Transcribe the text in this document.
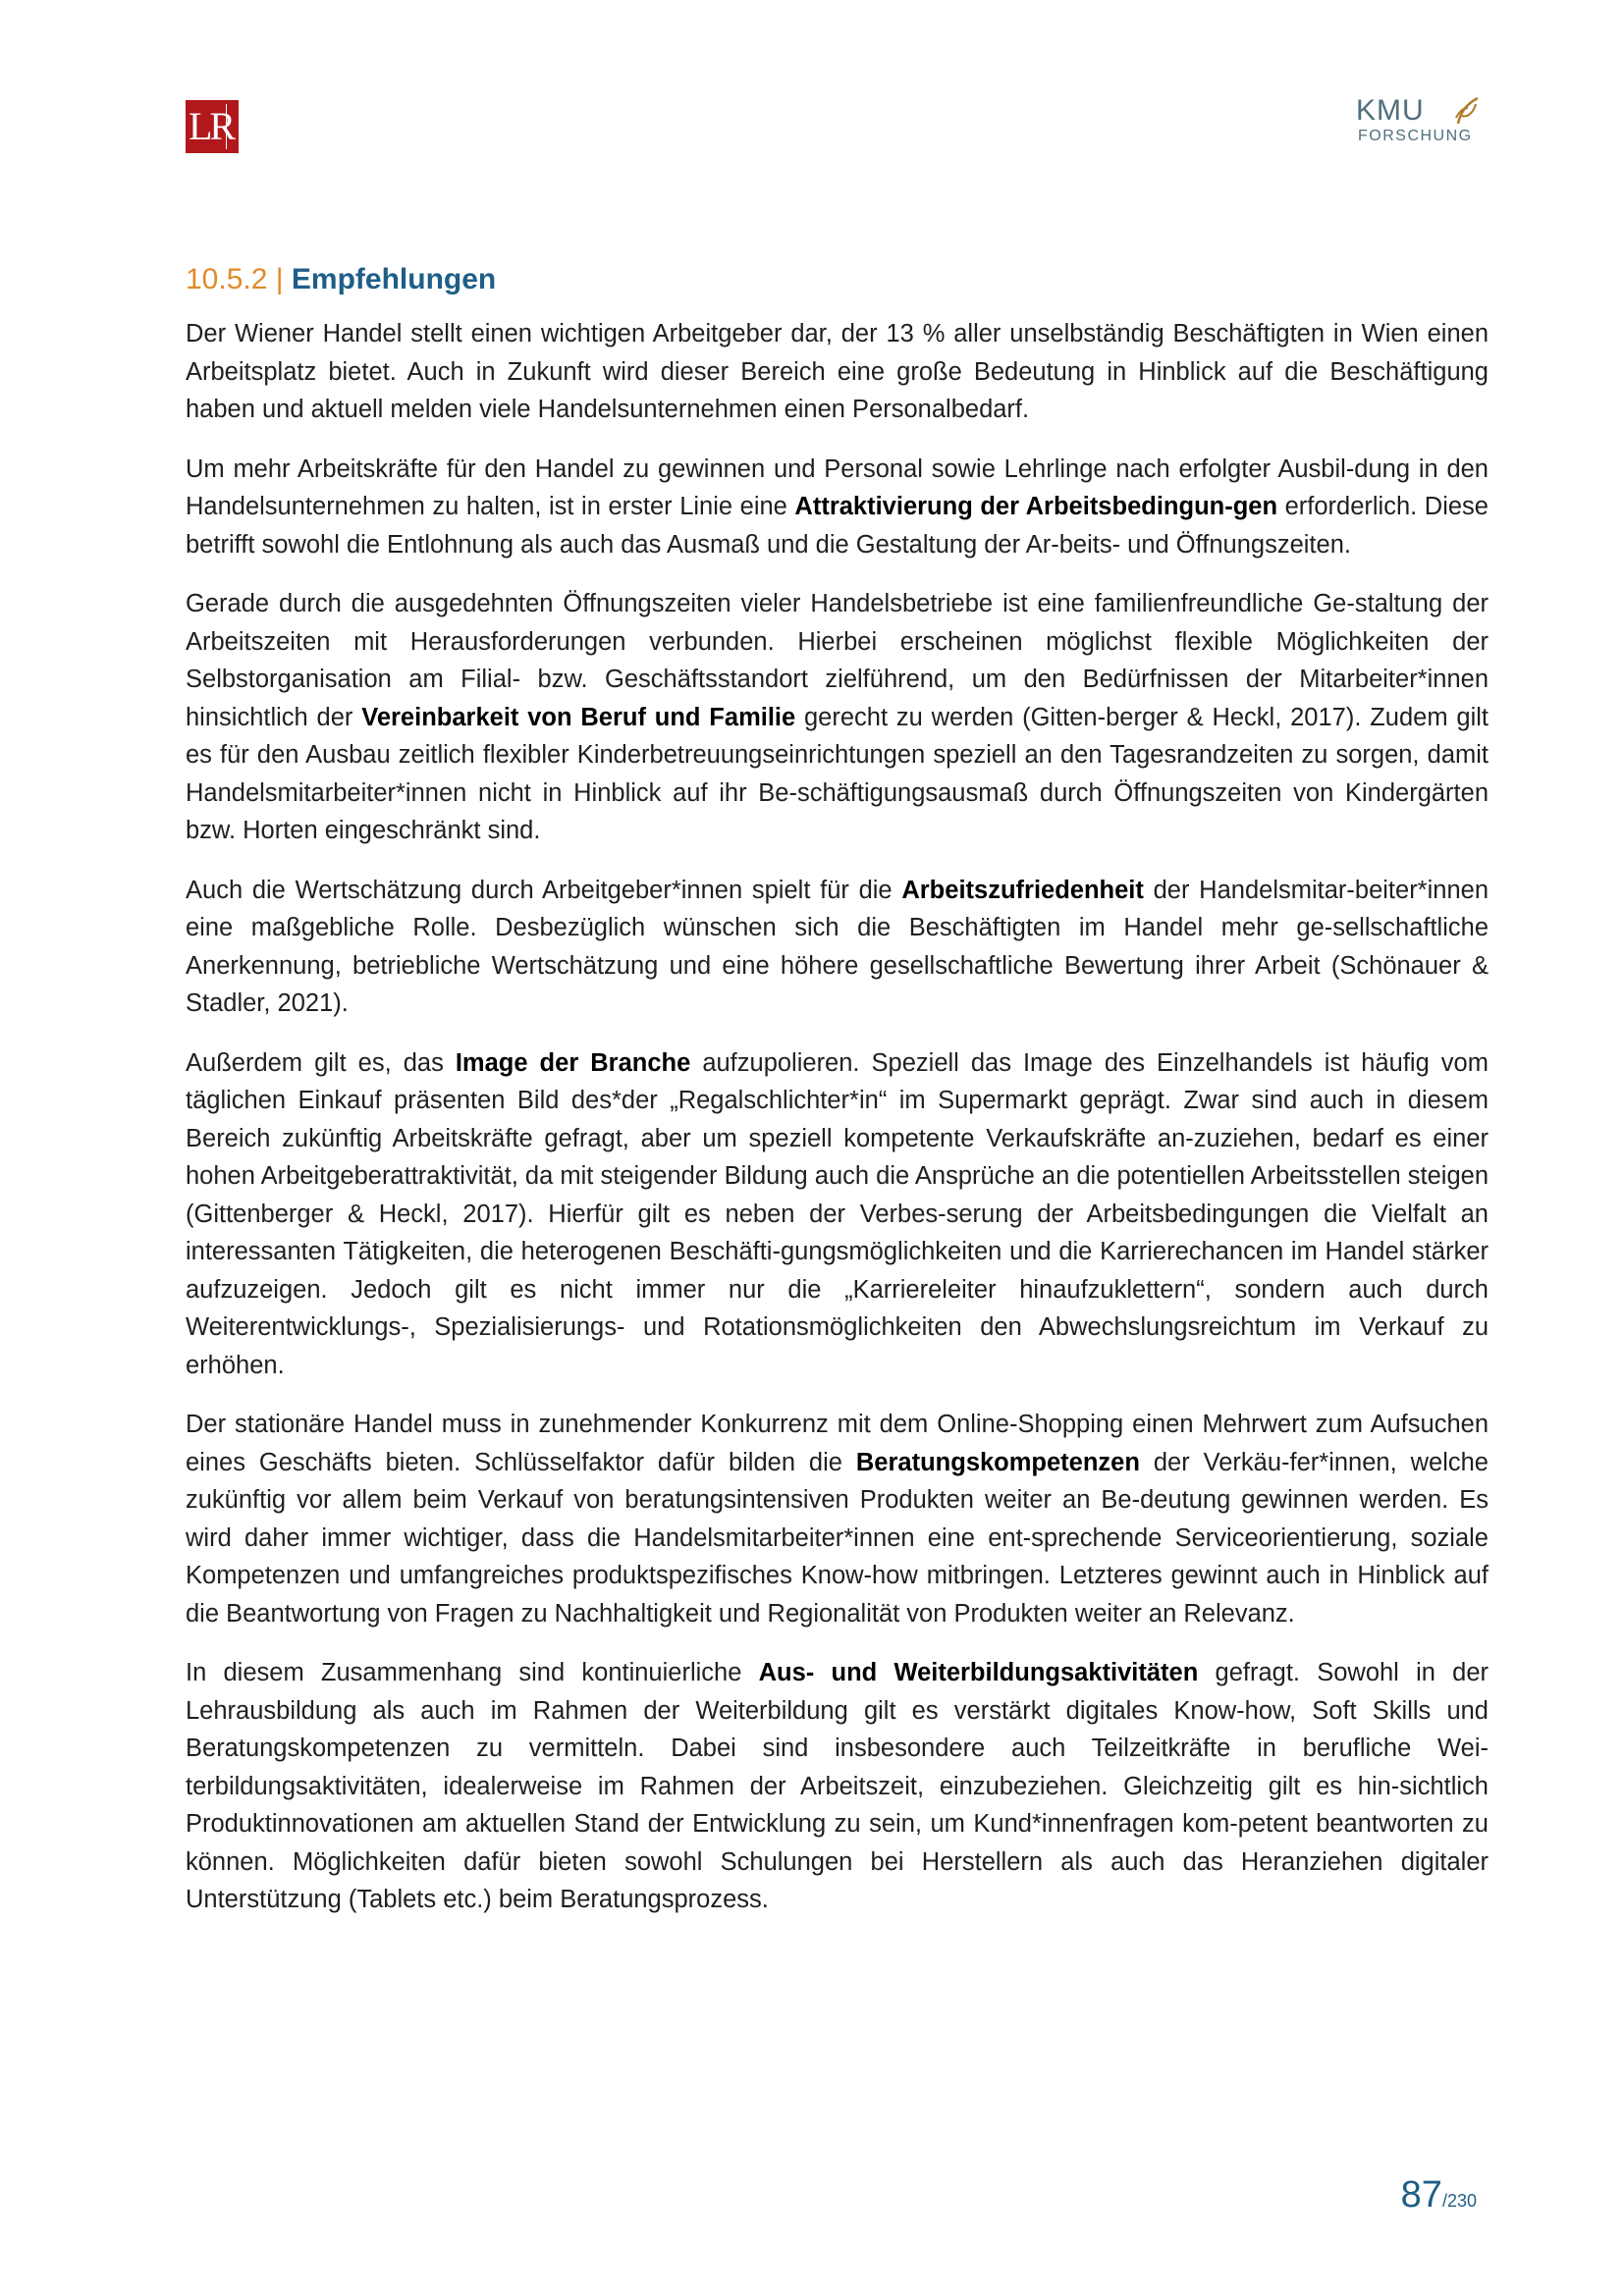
LR	KMU
FORSCHUNG
10.5.2 | Empfehlungen

Der Wiener Handel stellt einen wichtigen Arbeitgeber dar, der 13 % aller unselbständig Beschäftigten in Wien einen Arbeitsplatz bietet. Auch in Zukunft wird dieser Bereich eine große Bedeutung in Hinblick auf die Beschäftigung haben und aktuell melden viele Handelsunternehmen einen Personalbedarf.

Um mehr Arbeitskräfte für den Handel zu gewinnen und Personal sowie Lehrlinge nach erfolgter Ausbil-dung in den Handelsunternehmen zu halten, ist in erster Linie eine Attraktivierung der Arbeitsbedingun-gen erforderlich. Diese betrifft sowohl die Entlohnung als auch das Ausmaß und die Gestaltung der Ar-beits- und Öffnungszeiten.

Gerade durch die ausgedehnten Öffnungszeiten vieler Handelsbetriebe ist eine familienfreundliche Ge-staltung der Arbeitszeiten mit Herausforderungen verbunden. Hierbei erscheinen möglichst flexible Möglichkeiten der Selbstorganisation am Filial- bzw. Geschäftsstandort zielführend, um den Bedürfnissen der Mitarbeiter*innen hinsichtlich der Vereinbarkeit von Beruf und Familie gerecht zu werden (Gitten-berger & Heckl, 2017). Zudem gilt es für den Ausbau zeitlich flexibler Kinderbetreuungseinrichtungen speziell an den Tagesrandzeiten zu sorgen, damit Handelsmitarbeiter*innen nicht in Hinblick auf ihr Be-schäftigungsausmaß durch Öffnungszeiten von Kindergärten bzw. Horten eingeschränkt sind.

Auch die Wertschätzung durch Arbeitgeber*innen spielt für die Arbeitszufriedenheit der Handelsmitar-beiter*innen eine maßgebliche Rolle. Desbezüglich wünschen sich die Beschäftigten im Handel mehr ge-sellschaftliche Anerkennung, betriebliche Wertschätzung und eine höhere gesellschaftliche Bewertung ihrer Arbeit (Schönauer & Stadler, 2021).

Außerdem gilt es, das Image der Branche aufzupolieren. Speziell das Image des Einzelhandels ist häufig vom täglichen Einkauf präsenten Bild des*der „Regalschlichter*in“ im Supermarkt geprägt. Zwar sind auch in diesem Bereich zukünftig Arbeitskräfte gefragt, aber um speziell kompetente Verkaufskräfte an-zuziehen, bedarf es einer hohen Arbeitgeberattraktivität, da mit steigender Bildung auch die Ansprüche an die potentiellen Arbeitsstellen steigen (Gittenberger & Heckl, 2017). Hierfür gilt es neben der Verbes-serung der Arbeitsbedingungen die Vielfalt an interessanten Tätigkeiten, die heterogenen Beschäfti-gungsmöglichkeiten und die Karrierechancen im Handel stärker aufzuzeigen. Jedoch gilt es nicht immer nur die „Karriereleiter hinaufzuklettern“, sondern auch durch Weiterentwicklungs-, Spezialisierungs- und Rotationsmöglichkeiten den Abwechslungsreichtum im Verkauf zu erhöhen.

Der stationäre Handel muss in zunehmender Konkurrenz mit dem Online-Shopping einen Mehrwert zum Aufsuchen eines Geschäfts bieten. Schlüsselfaktor dafür bilden die Beratungskompetenzen der Verkäu-fer*innen, welche zukünftig vor allem beim Verkauf von beratungsintensiven Produkten weiter an Be-deutung gewinnen werden. Es wird daher immer wichtiger, dass die Handelsmitarbeiter*innen eine ent-sprechende Serviceorientierung, soziale Kompetenzen und umfangreiches produktspezifisches Know-how mitbringen. Letzteres gewinnt auch in Hinblick auf die Beantwortung von Fragen zu Nachhaltigkeit und Regionalität von Produkten weiter an Relevanz.

In diesem Zusammenhang sind kontinuierliche Aus- und Weiterbildungsaktivitäten gefragt. Sowohl in der Lehrausbildung als auch im Rahmen der Weiterbildung gilt es verstärkt digitales Know-how, Soft Skills und Beratungskompetenzen zu vermitteln. Dabei sind insbesondere auch Teilzeitkräfte in berufliche Wei-terbildungsaktivitäten, idealerweise im Rahmen der Arbeitszeit, einzubeziehen. Gleichzeitig gilt es hin-sichtlich Produktinnovationen am aktuellen Stand der Entwicklung zu sein, um Kund*innenfragen kom-petent beantworten zu können. Möglichkeiten dafür bieten sowohl Schulungen bei Herstellern als auch das Heranziehen digitaler Unterstützung (Tablets etc.) beim Beratungsprozess.

87/230
